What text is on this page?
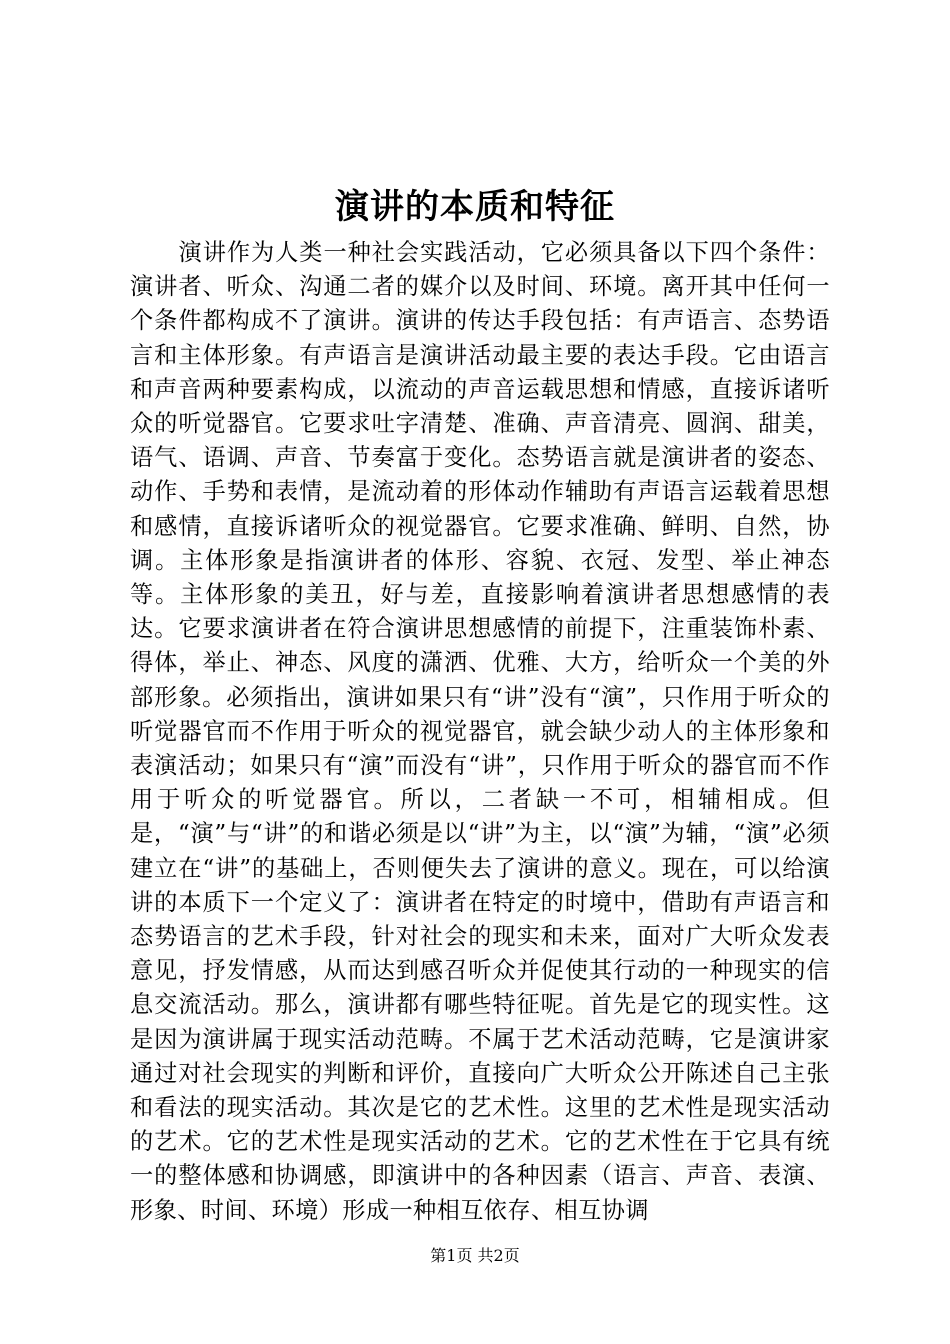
演讲的本质和特征

演讲作为人类一种社会实践活动，它必须具备以下四个条件：演讲者、听众、沟通二者的媒介以及时间、环境。离开其中任何一个条件都构成不了演讲。演讲的传达手段包括：有声语言、态势语言和主体形象。有声语言是演讲活动最主要的表达手段。它由语言和声音两种要素构成，以流动的声音运载思想和情感，直接诉诸听众的听觉器官。它要求吐字清楚、准确、声音清亮、圆润、甜美，语气、语调、声音、节奏富于变化。态势语言就是演讲者的姿态、动作、手势和表情，是流动着的形体动作辅助有声语言运载着思想和感情，直接诉诸听众的视觉器官。它要求准确、鲜明、自然，协调。主体形象是指演讲者的体形、容貌、衣冠、发型、举止神态等。主体形象的美丑，好与差，直接影响着演讲者思想感情的表达。它要求演讲者在符合演讲思想感情的前提下，注重装饰朴素、得体，举止、神态、风度的潇洒、优雅、大方，给听众一个美的外部形象。必须指出，演讲如果只有“讲”没有“演”，只作用于听众的听觉器官而不作用于听众的视觉器官，就会缺少动人的主体形象和表演活动；如果只有“演”而没有“讲”，只作用于听众的器官而不作用于听众的听觉器官。所以，二者缺一不可，相辅相成。但是，“演”与“讲”的和谐必须是以“讲”为主，以“演”为辅，“演”必须建立在“讲”的基础上，否则便失去了演讲的意义。现在，可以给演讲的本质下一个定义了：演讲者在特定的时境中，借助有声语言和态势语言的艺术手段，针对社会的现实和未来，面对广大听众发表意见，抒发情感，从而达到感召听众并促使其行动的一种现实的信息交流活动。那么，演讲都有哪些特征呢。首先是它的现实性。这是因为演讲属于现实活动范畴。不属于艺术活动范畴，它是演讲家通过对社会现实的判断和评价，直接向广大听众公开陈述自己主张和看法的现实活动。其次是它的艺术性。这里的艺术性是现实活动的艺术。它的艺术性是现实活动的艺术。它的艺术性在于它具有统一的整体感和协调感，即演讲中的各种因素（语言、声音、表演、形象、时间、环境）形成一种相互依存、相互协调

第1页 共2页
